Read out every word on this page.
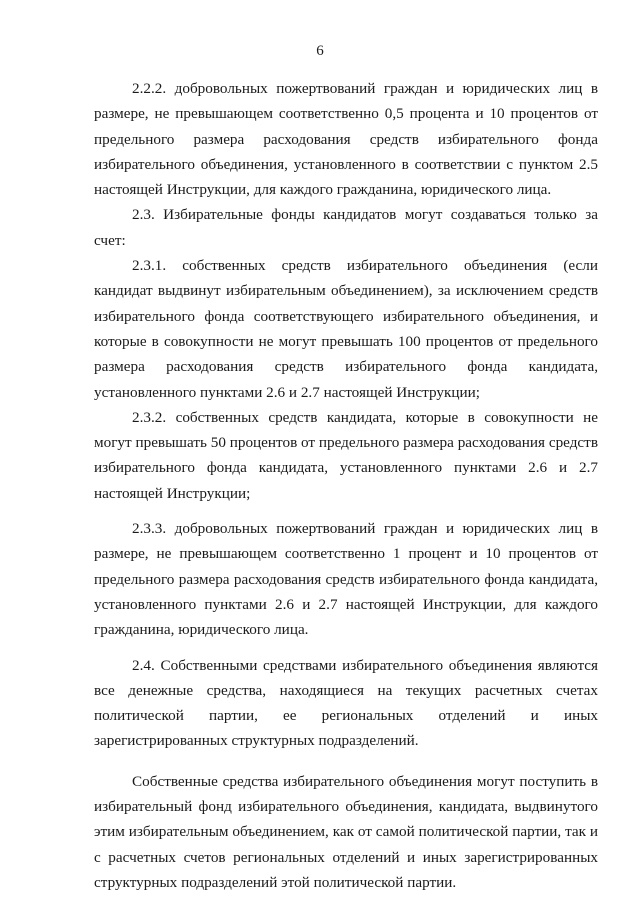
6

2.2.2. добровольных пожертвований граждан и юридических лиц в размере, не превышающем соответственно 0,5 процента и 10 процентов от предельного размера расходования средств избирательного фонда избирательного объединения, установленного в соответствии с пунктом 2.5 настоящей Инструкции, для каждого гражданина, юридического лица.

2.3. Избирательные фонды кандидатов могут создаваться только за счет:

2.3.1. собственных средств избирательного объединения (если кандидат выдвинут избирательным объединением), за исключением средств избирательного фонда соответствующего избирательного объединения, и которые в совокупности не могут превышать 100 процентов от предельного размера расходования средств избирательного фонда кандидата, установленного пунктами 2.6 и 2.7 настоящей Инструкции;

2.3.2. собственных средств кандидата, которые в совокупности не могут превышать 50 процентов от предельного размера расходования средств избирательного фонда кандидата, установленного пунктами 2.6 и 2.7 настоящей Инструкции;

2.3.3. добровольных пожертвований граждан и юридических лиц в размере, не превышающем соответственно 1 процент и 10 процентов от предельного размера расходования средств избирательного фонда кандидата, установленного пунктами 2.6 и 2.7 настоящей Инструкции, для каждого гражданина, юридического лица.

2.4. Собственными средствами избирательного объединения являются все денежные средства, находящиеся на текущих расчетных счетах политической партии, ее региональных отделений и иных зарегистрированных структурных подразделений.

Собственные средства избирательного объединения могут поступить в избирательный фонд избирательного объединения, кандидата, выдвинутого этим избирательным объединением, как от самой политической партии, так и с расчетных счетов региональных отделений и иных зарегистрированных структурных подразделений этой политической партии.
